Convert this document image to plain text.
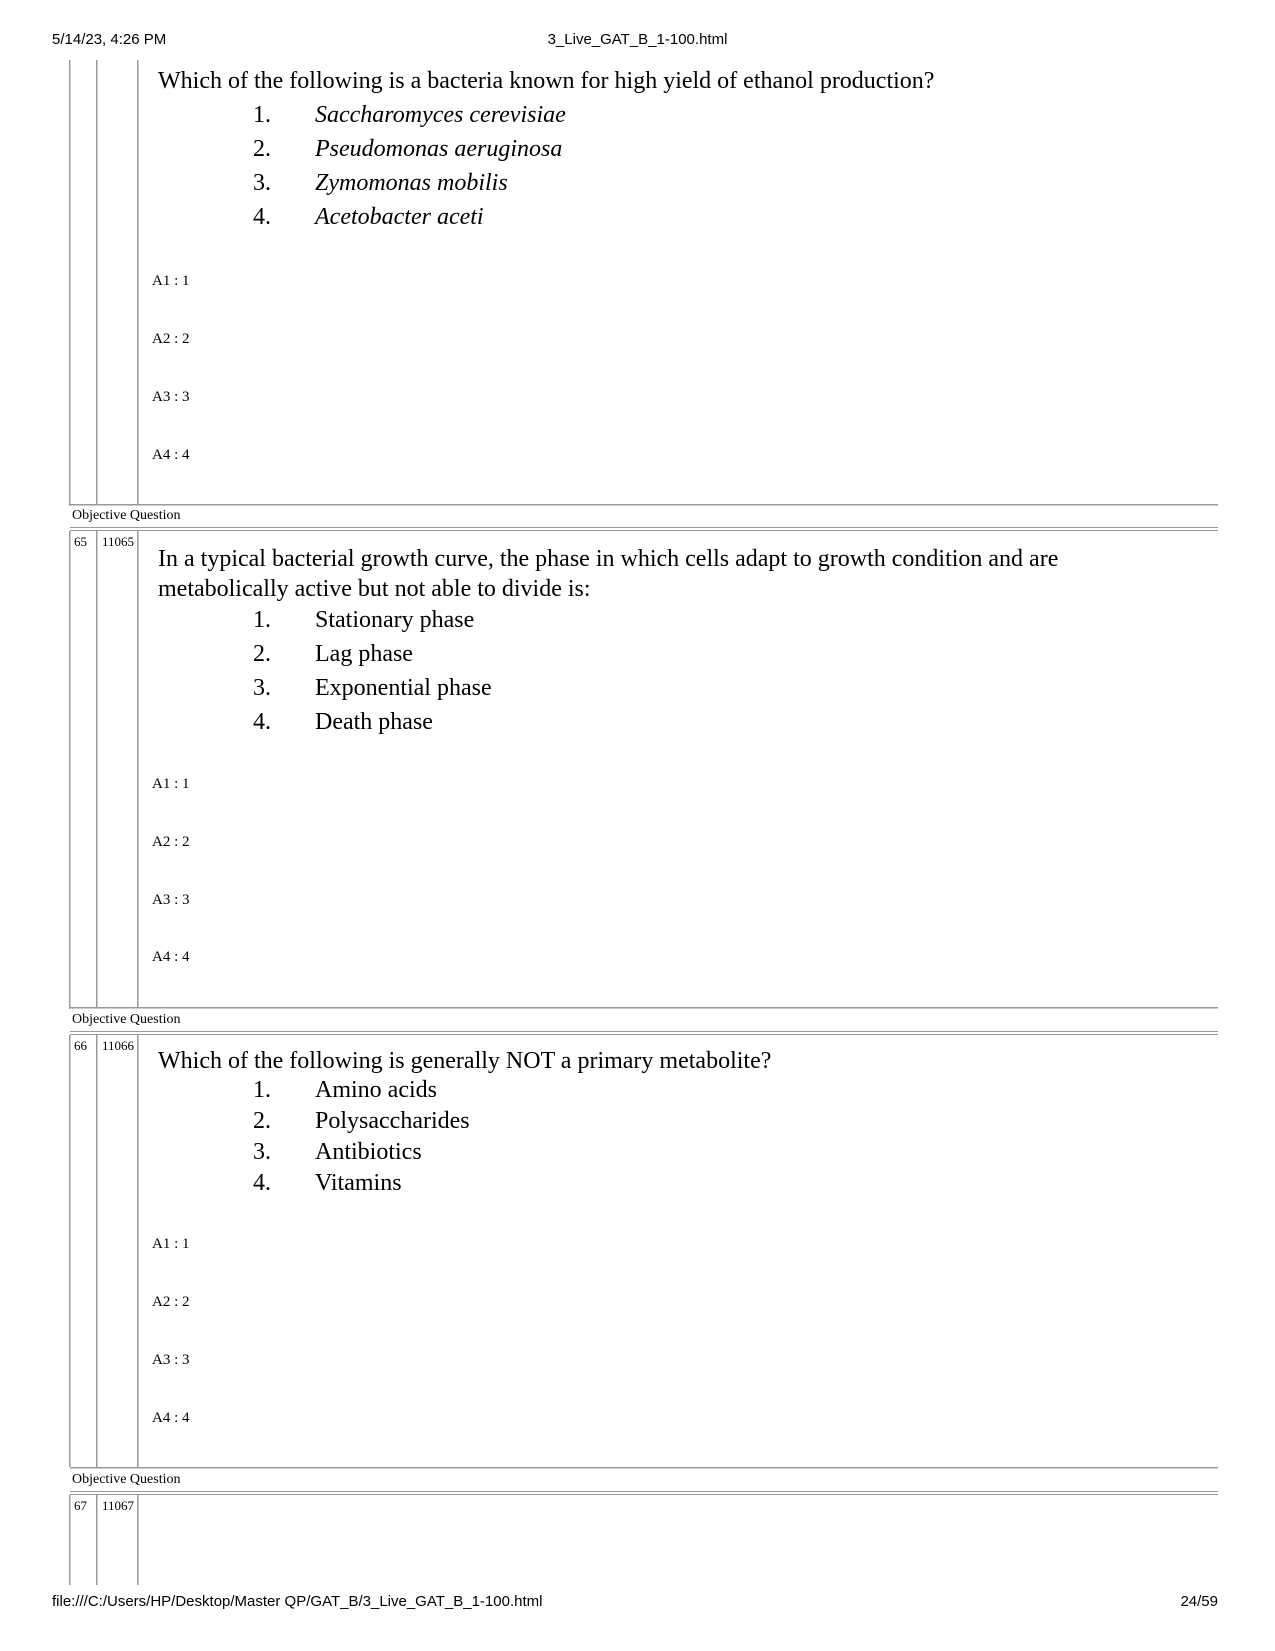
5/14/23, 4:26 PM	3_Live_GAT_B_1-100.html
file:///C:/Users/HP/Desktop/Master QP/GAT_B/3_Live_GAT_B_1-100.html	24/59
Objective Question
Objective Question
Objective Question
65 11065
66 11066
67 11067
Which of the following is a bacteria known for high yield of ethanol production?
1. Saccharomyces cerevisiae
2. Pseudomonas aeruginosa
3. Zymomonas mobilis
4. Acetobacter aceti
A1 : 1
A2 : 2
A3 : 3
A4 : 4
In a typical bacterial growth curve, the phase in which cells adapt to growth condition and are metabolically active but not able to divide is:
1. Stationary phase
2. Lag phase
3. Exponential phase
4. Death phase
A1 : 1
A2 : 2
A3 : 3
A4 : 4
Which of the following is generally NOT a primary metabolite?
1. Amino acids
2. Polysaccharides
3. Antibiotics
4. Vitamins
A1 : 1
A2 : 2
A3 : 3
A4 : 4
